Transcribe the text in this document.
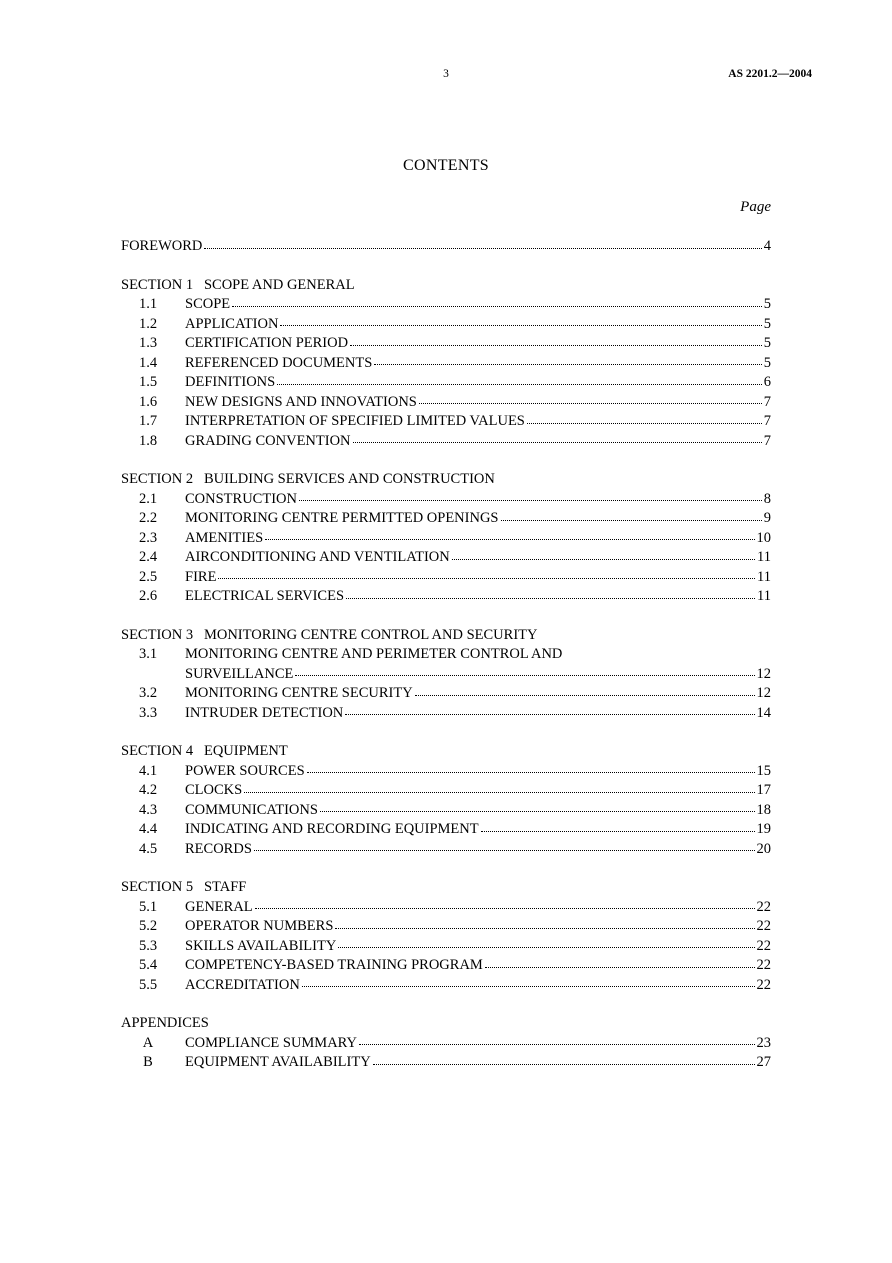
3	AS 2201.2—2004
CONTENTS
Page
FOREWORD	4
SECTION 1   SCOPE AND GENERAL
1.1	SCOPE	5
1.2	APPLICATION	5
1.3	CERTIFICATION PERIOD	5
1.4	REFERENCED DOCUMENTS	5
1.5	DEFINITIONS	6
1.6	NEW DESIGNS AND INNOVATIONS	7
1.7	INTERPRETATION OF SPECIFIED LIMITED VALUES	7
1.8	GRADING CONVENTION	7
SECTION 2   BUILDING SERVICES AND CONSTRUCTION
2.1	CONSTRUCTION	8
2.2	MONITORING CENTRE PERMITTED OPENINGS	9
2.3	AMENITIES	10
2.4	AIRCONDITIONING AND VENTILATION	11
2.5	FIRE	11
2.6	ELECTRICAL SERVICES	11
SECTION 3   MONITORING CENTRE CONTROL AND SECURITY
3.1	MONITORING CENTRE AND PERIMETER CONTROL AND
SURVEILLANCE	12
3.2	MONITORING CENTRE SECURITY	12
3.3	INTRUDER DETECTION	14
SECTION 4   EQUIPMENT
4.1	POWER SOURCES	15
4.2	CLOCKS	17
4.3	COMMUNICATIONS	18
4.4	INDICATING AND RECORDING EQUIPMENT	19
4.5	RECORDS	20
SECTION 5   STAFF
5.1	GENERAL	22
5.2	OPERATOR NUMBERS	22
5.3	SKILLS AVAILABILITY	22
5.4	COMPETENCY-BASED TRAINING PROGRAM	22
5.5	ACCREDITATION	22
APPENDICES
A	COMPLIANCE SUMMARY	23
B	EQUIPMENT AVAILABILITY	27
